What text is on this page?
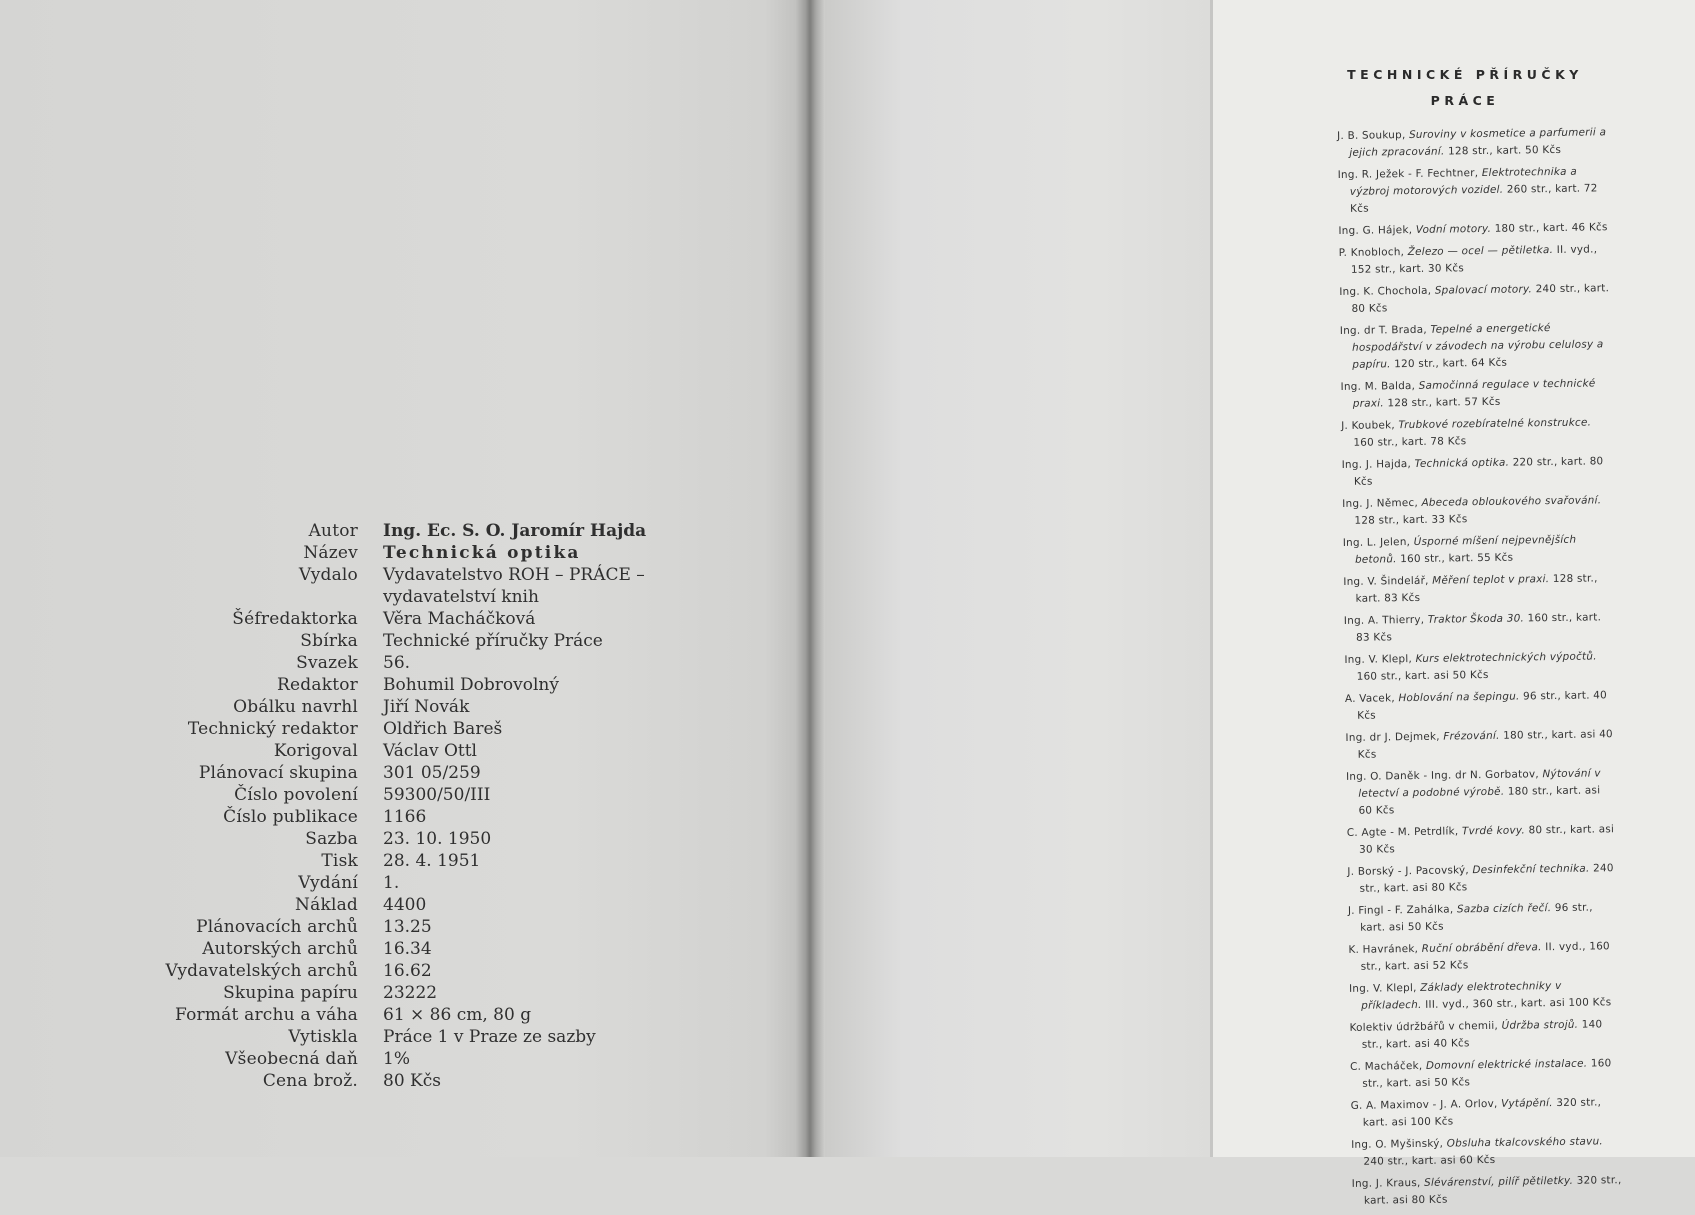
Autor Ing. Ec. S. O. Jaromír Hajda
Název Technická optika
Vydalo Vydavatelstvo ROH – PRÁCE – vydavatelství knih
Šéfredaktorka Věra Macháčková
Sbírka Technické příručky Práce
Svazek 56.
Redaktor Bohumil Dobrovolný
Obálku navrhl Jiří Novák
Technický redaktor Oldřich Bareš
Korigoval Václav Ottl
Plánovací skupina 301 05/259
Číslo povolení 59300/50/III
Číslo publikace 1166
Sazba 23. 10. 1950
Tisk 28. 4. 1951
Vydání 1.
Náklad 4400
Plánovacích archů 13.25
Autorských archů 16.34
Vydavatelských archů 16.62
Skupina papíru 23222
Formát archu a váha 61 × 86 cm, 80 g
Vytiskla Práce 1 v Praze ze sazby
Všeobecná daň 1%
Cena brož. 80 Kčs
TECHNICKÉ PŘÍRUČKY
PRÁCE
J. B. Soukup, Suroviny v kosmetice a parfumerii a jejich zpracování. 128 str., kart. 50 Kčs
Ing. R. Ježek - F. Fechtner, Elektrotechnika a výzbroj motorových vozidel. 260 str., kart. 72 Kčs
Ing. G. Hájek, Vodní motory. 180 str., kart. 46 Kčs
P. Knobloch, Železo — ocel — pětiletka. II. vyd., 152 str., kart. 30 Kčs
Ing. K. Chochola, Spalovací motory. 240 str., kart. 80 Kčs
Ing. dr T. Brada, Tepelné a energetické hospodářství v závodech na výrobu celulosy a papíru. 120 str., kart. 64 Kčs
Ing. M. Balda, Samočinná regulace v technické praxi. 128 str., kart. 57 Kčs
J. Koubek, Trubkové rozebíratelné konstrukce. 160 str., kart. 78 Kčs
Ing. J. Hajda, Technická optika. 220 str., kart. 80 Kčs
Ing. J. Němec, Abeceda obloukového svařování. 128 str., kart. 33 Kčs
Ing. L. Jelen, Úsporné míšení nejpevnějších betonů. 160 str., kart. 55 Kčs
Ing. V. Šindelář, Měření teplot v praxi. 128 str., kart. 83 Kčs
Ing. A. Thierry, Traktor Škoda 30. 160 str., kart. 83 Kčs
Ing. V. Klepl, Kurs elektrotechnických výpočtů. 160 str., kart. asi 50 Kčs
A. Vacek, Hoblování na šepingu. 96 str., kart. 40 Kčs
Ing. dr J. Dejmek, Frézování. 180 str., kart. asi 40 Kčs
Ing. O. Daněk - Ing. dr N. Gorbatov, Nýtování v letectví a podobné výrobě. 180 str., kart. asi 60 Kčs
C. Agte - M. Petrdlík, Tvrdé kovy. 80 str., kart. asi 30 Kčs
J. Borský - J. Pacovský, Desinfekční technika. 240 str., kart. asi 80 Kčs
J. Fingl - F. Zahálka, Sazba cizích řečí. 96 str., kart. asi 50 Kčs
K. Havránek, Ruční obrábění dřeva. II. vyd., 160 str., kart. asi 52 Kčs
Ing. V. Klepl, Základy elektrotechniky v příkladech. III. vyd., 360 str., kart. asi 100 Kčs
Kolektiv údržbářů v chemii, Údržba strojů. 140 str., kart. asi 40 Kčs
C. Macháček, Domovní elektrické instalace. 160 str., kart. asi 50 Kčs
G. A. Maximov - J. A. Orlov, Vytápění. 320 str., kart. asi 100 Kčs
Ing. O. Myšinský, Obsluha tkalcovského stavu. 240 str., kart. asi 60 Kčs
Ing. J. Kraus, Slévárenství, pilíř pětiletky. 320 str., kart. asi 80 Kčs
